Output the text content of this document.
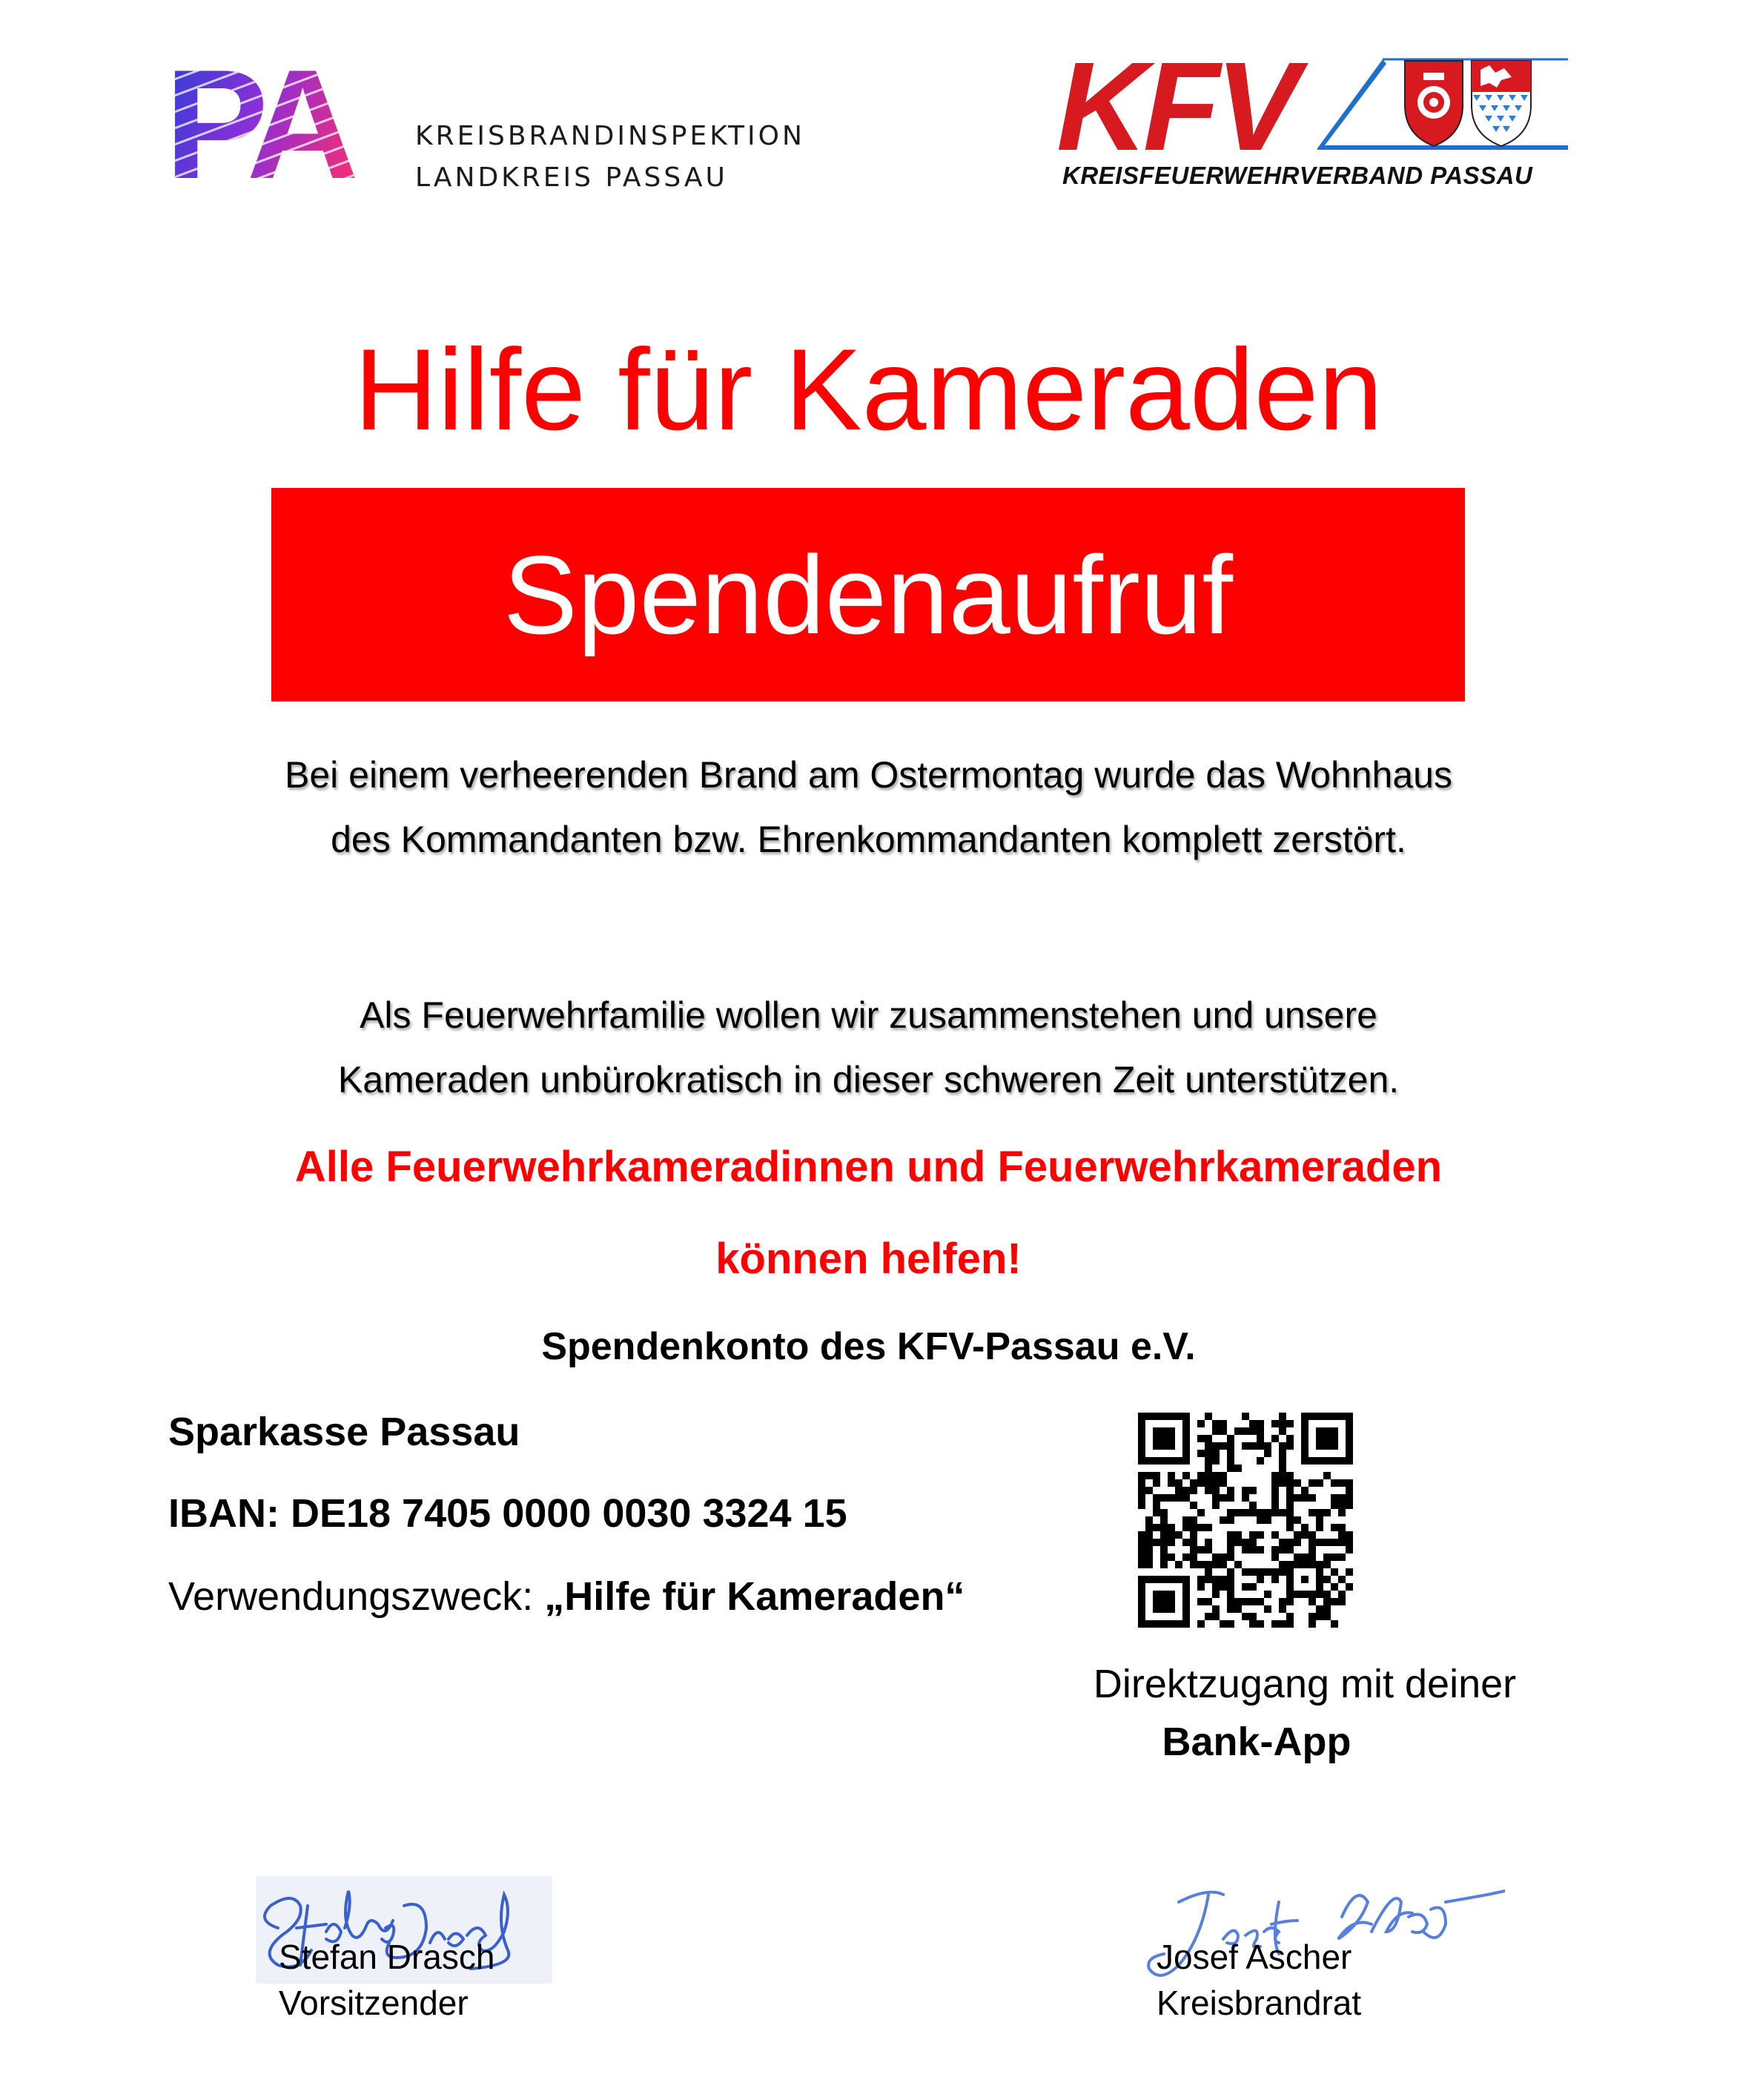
KREISBRANDINSPEKTION
LANDKREIS PASSAU
KFV
KREISFEUERWEHRVERBAND PASSAU
Hilfe für Kameraden
Spendenaufruf
Bei einem verheerenden Brand am Ostermontag wurde das Wohnhaus
des Kommandanten bzw. Ehrenkommandanten komplett zerstört.
Als Feuerwehrfamilie wollen wir zusammenstehen und unsere
Kameraden unbürokratisch in dieser schweren Zeit unterstützen.
Alle Feuerwehrkameradinnen und Feuerwehrkameraden
können helfen!
Spendenkonto des KFV-Passau e.V.
Sparkasse Passau
IBAN: DE18 7405 0000 0030 3324 15
Verwendungszweck: „Hilfe für Kameraden“
Direktzugang mit deiner
Bank-App
Stefan Drasch
Vorsitzender
Josef Ascher
Kreisbrandrat
